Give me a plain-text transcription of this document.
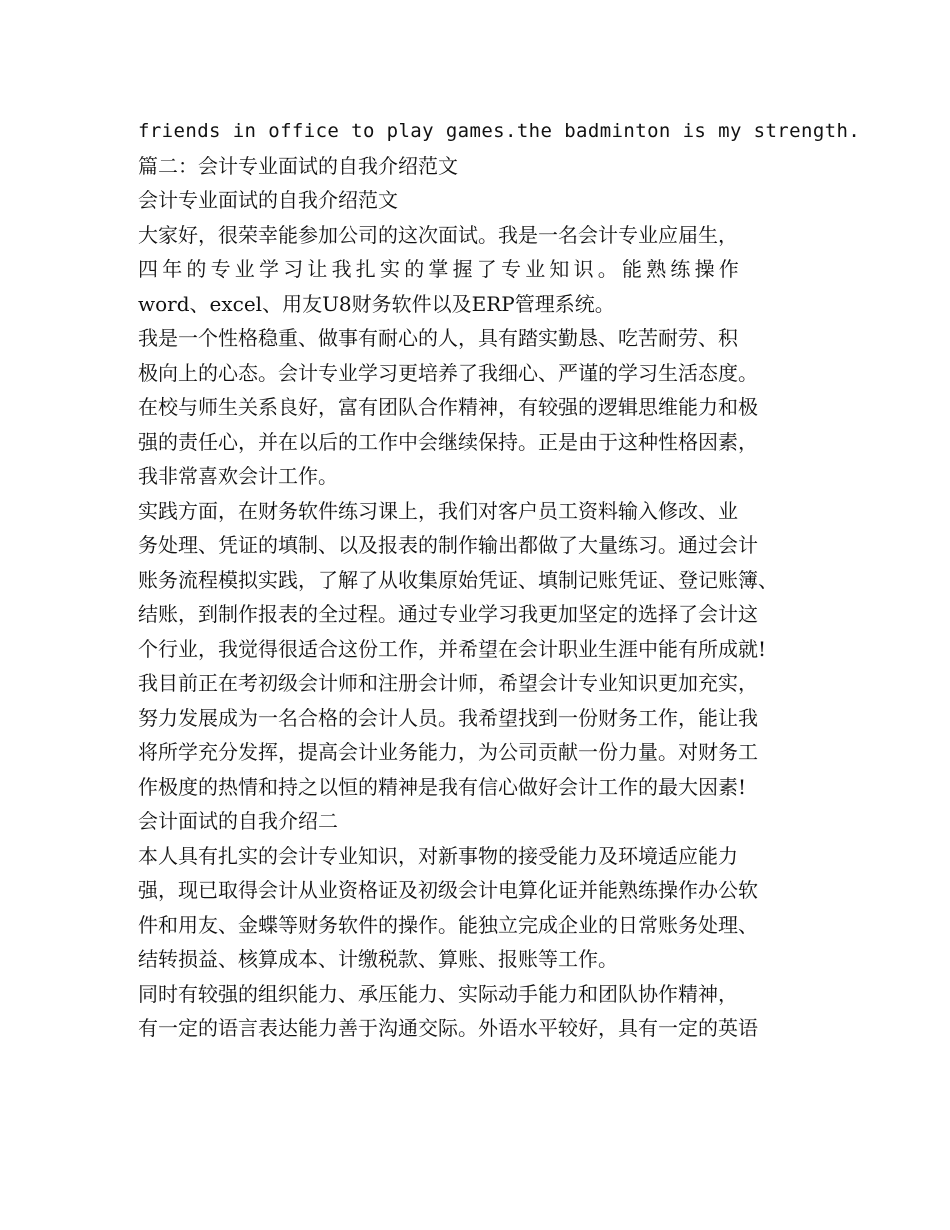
friends in office to play games.the badminton is my strength.
篇二：会计专业面试的自我介绍范文
会计专业面试的自我介绍范文
大家好，很荣幸能参加公司的这次面试。我是一名会计专业应届生，
四年的专业学习让我扎实的掌握了专业知识。能熟练操作
word、excel、用友U8财务软件以及ERP管理系统。
我是一个性格稳重、做事有耐心的人，具有踏实勤恳、吃苦耐劳、积
极向上的心态。会计专业学习更培养了我细心、严谨的学习生活态度。
在校与师生关系良好，富有团队合作精神，有较强的逻辑思维能力和极
强的责任心，并在以后的工作中会继续保持。正是由于这种性格因素，
我非常喜欢会计工作。
实践方面，在财务软件练习课上，我们对客户员工资料输入修改、业
务处理、凭证的填制、以及报表的制作输出都做了大量练习。通过会计
账务流程模拟实践，了解了从收集原始凭证、填制记账凭证、登记账簿、
结账，到制作报表的全过程。通过专业学习我更加坚定的选择了会计这
个行业，我觉得很适合这份工作，并希望在会计职业生涯中能有所成就!
我目前正在考初级会计师和注册会计师，希望会计专业知识更加充实，
努力发展成为一名合格的会计人员。我希望找到一份财务工作，能让我
将所学充分发挥，提高会计业务能力，为公司贡献一份力量。对财务工
作极度的热情和持之以恒的精神是我有信心做好会计工作的最大因素!
会计面试的自我介绍二
本人具有扎实的会计专业知识，对新事物的接受能力及环境适应能力
强，现已取得会计从业资格证及初级会计电算化证并能熟练操作办公软
件和用友、金蝶等财务软件的操作。能独立完成企业的日常账务处理、
结转损益、核算成本、计缴税款、算账、报账等工作。
同时有较强的组织能力、承压能力、实际动手能力和团队协作精神，
有一定的语言表达能力善于沟通交际。外语水平较好，具有一定的英语
